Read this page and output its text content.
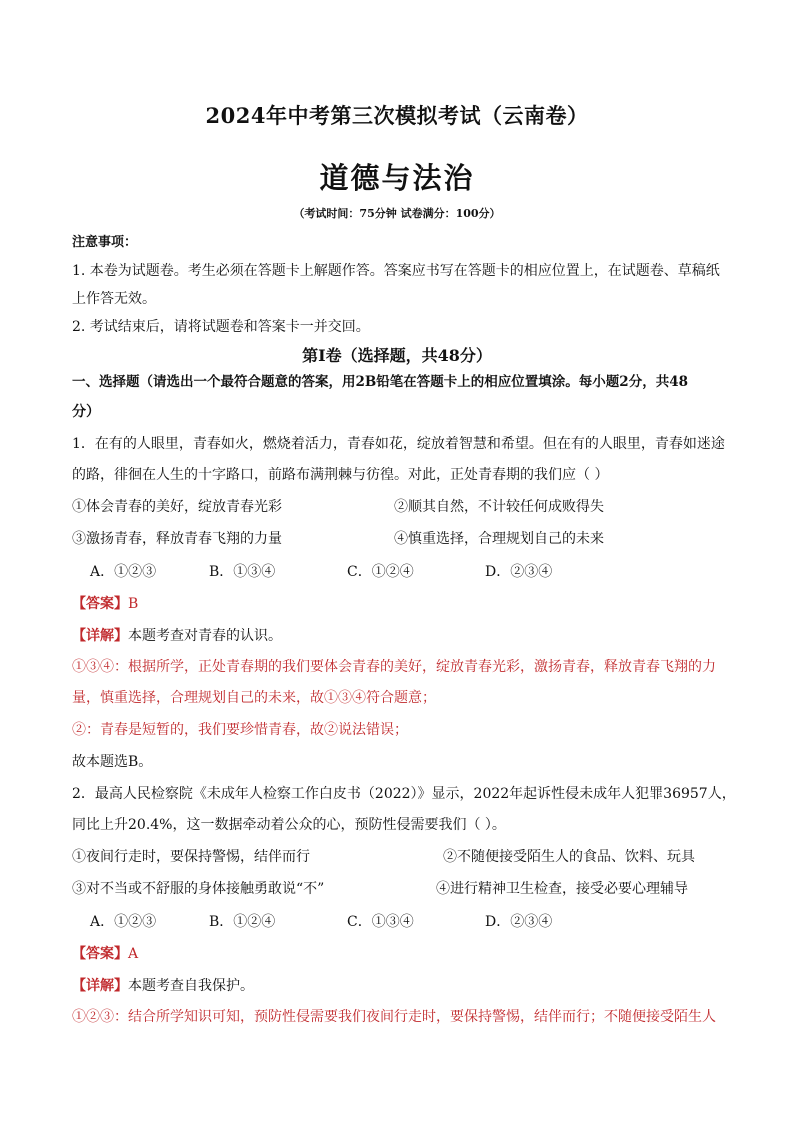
2024年中考第三次模拟考试（云南卷）
道德与法治
（考试时间：75分钟 试卷满分：100分）
注意事项：
1. 本卷为试题卷。考生必须在答题卡上解题作答。答案应书写在答题卡的相应位置上，在试题卷、草稿纸
上作答无效。
2. 考试结束后，请将试题卷和答案卡一并交回。
第Ⅰ卷（选择题，共48分）
一、选择题（请选出一个最符合题意的答案，用2B铅笔在答题卡上的相应位置填涂。每小题2分，共48
分）
1．在有的人眼里，青春如火，燃烧着活力，青春如花，绽放着智慧和希望。但在有的人眼里，青春如迷途
的路，徘徊在人生的十字路口，前路布满荆棘与彷徨。对此，正处青春期的我们应（ ）
①体会青春的美好，绽放青春光彩	②顺其自然，不计较任何成败得失
③激扬青春，释放青春飞翔的力量	④慎重选择，合理规划自己的未来
A．①②③	B．①③④	C．①②④	D．②③④
【答案】B
【详解】本题考查对青春的认识。
①③④：根据所学，正处青春期的我们要体会青春的美好，绽放青春光彩，激扬青春，释放青春飞翔的力
量，慎重选择，合理规划自己的未来，故①③④符合题意；
②：青春是短暂的，我们要珍惜青春，故②说法错误；
故本题选B。
2．最高人民检察院《未成年人检察工作白皮书（2022）》显示，2022年起诉性侵未成年人犯罪36957人，
同比上升20.4%，这一数据牵动着公众的心，预防性侵需要我们（ ）。
①夜间行走时，要保持警惕，结伴而行	②不随便接受陌生人的食品、饮料、玩具
③对不当或不舒服的身体接触勇敢说“不”	④进行精神卫生检查，接受必要心理辅导
A．①②③	B．①②④	C．①③④	D．②③④
【答案】A
【详解】本题考查自我保护。
①②③：结合所学知识可知，预防性侵需要我们夜间行走时，要保持警惕，结伴而行；不随便接受陌生人
